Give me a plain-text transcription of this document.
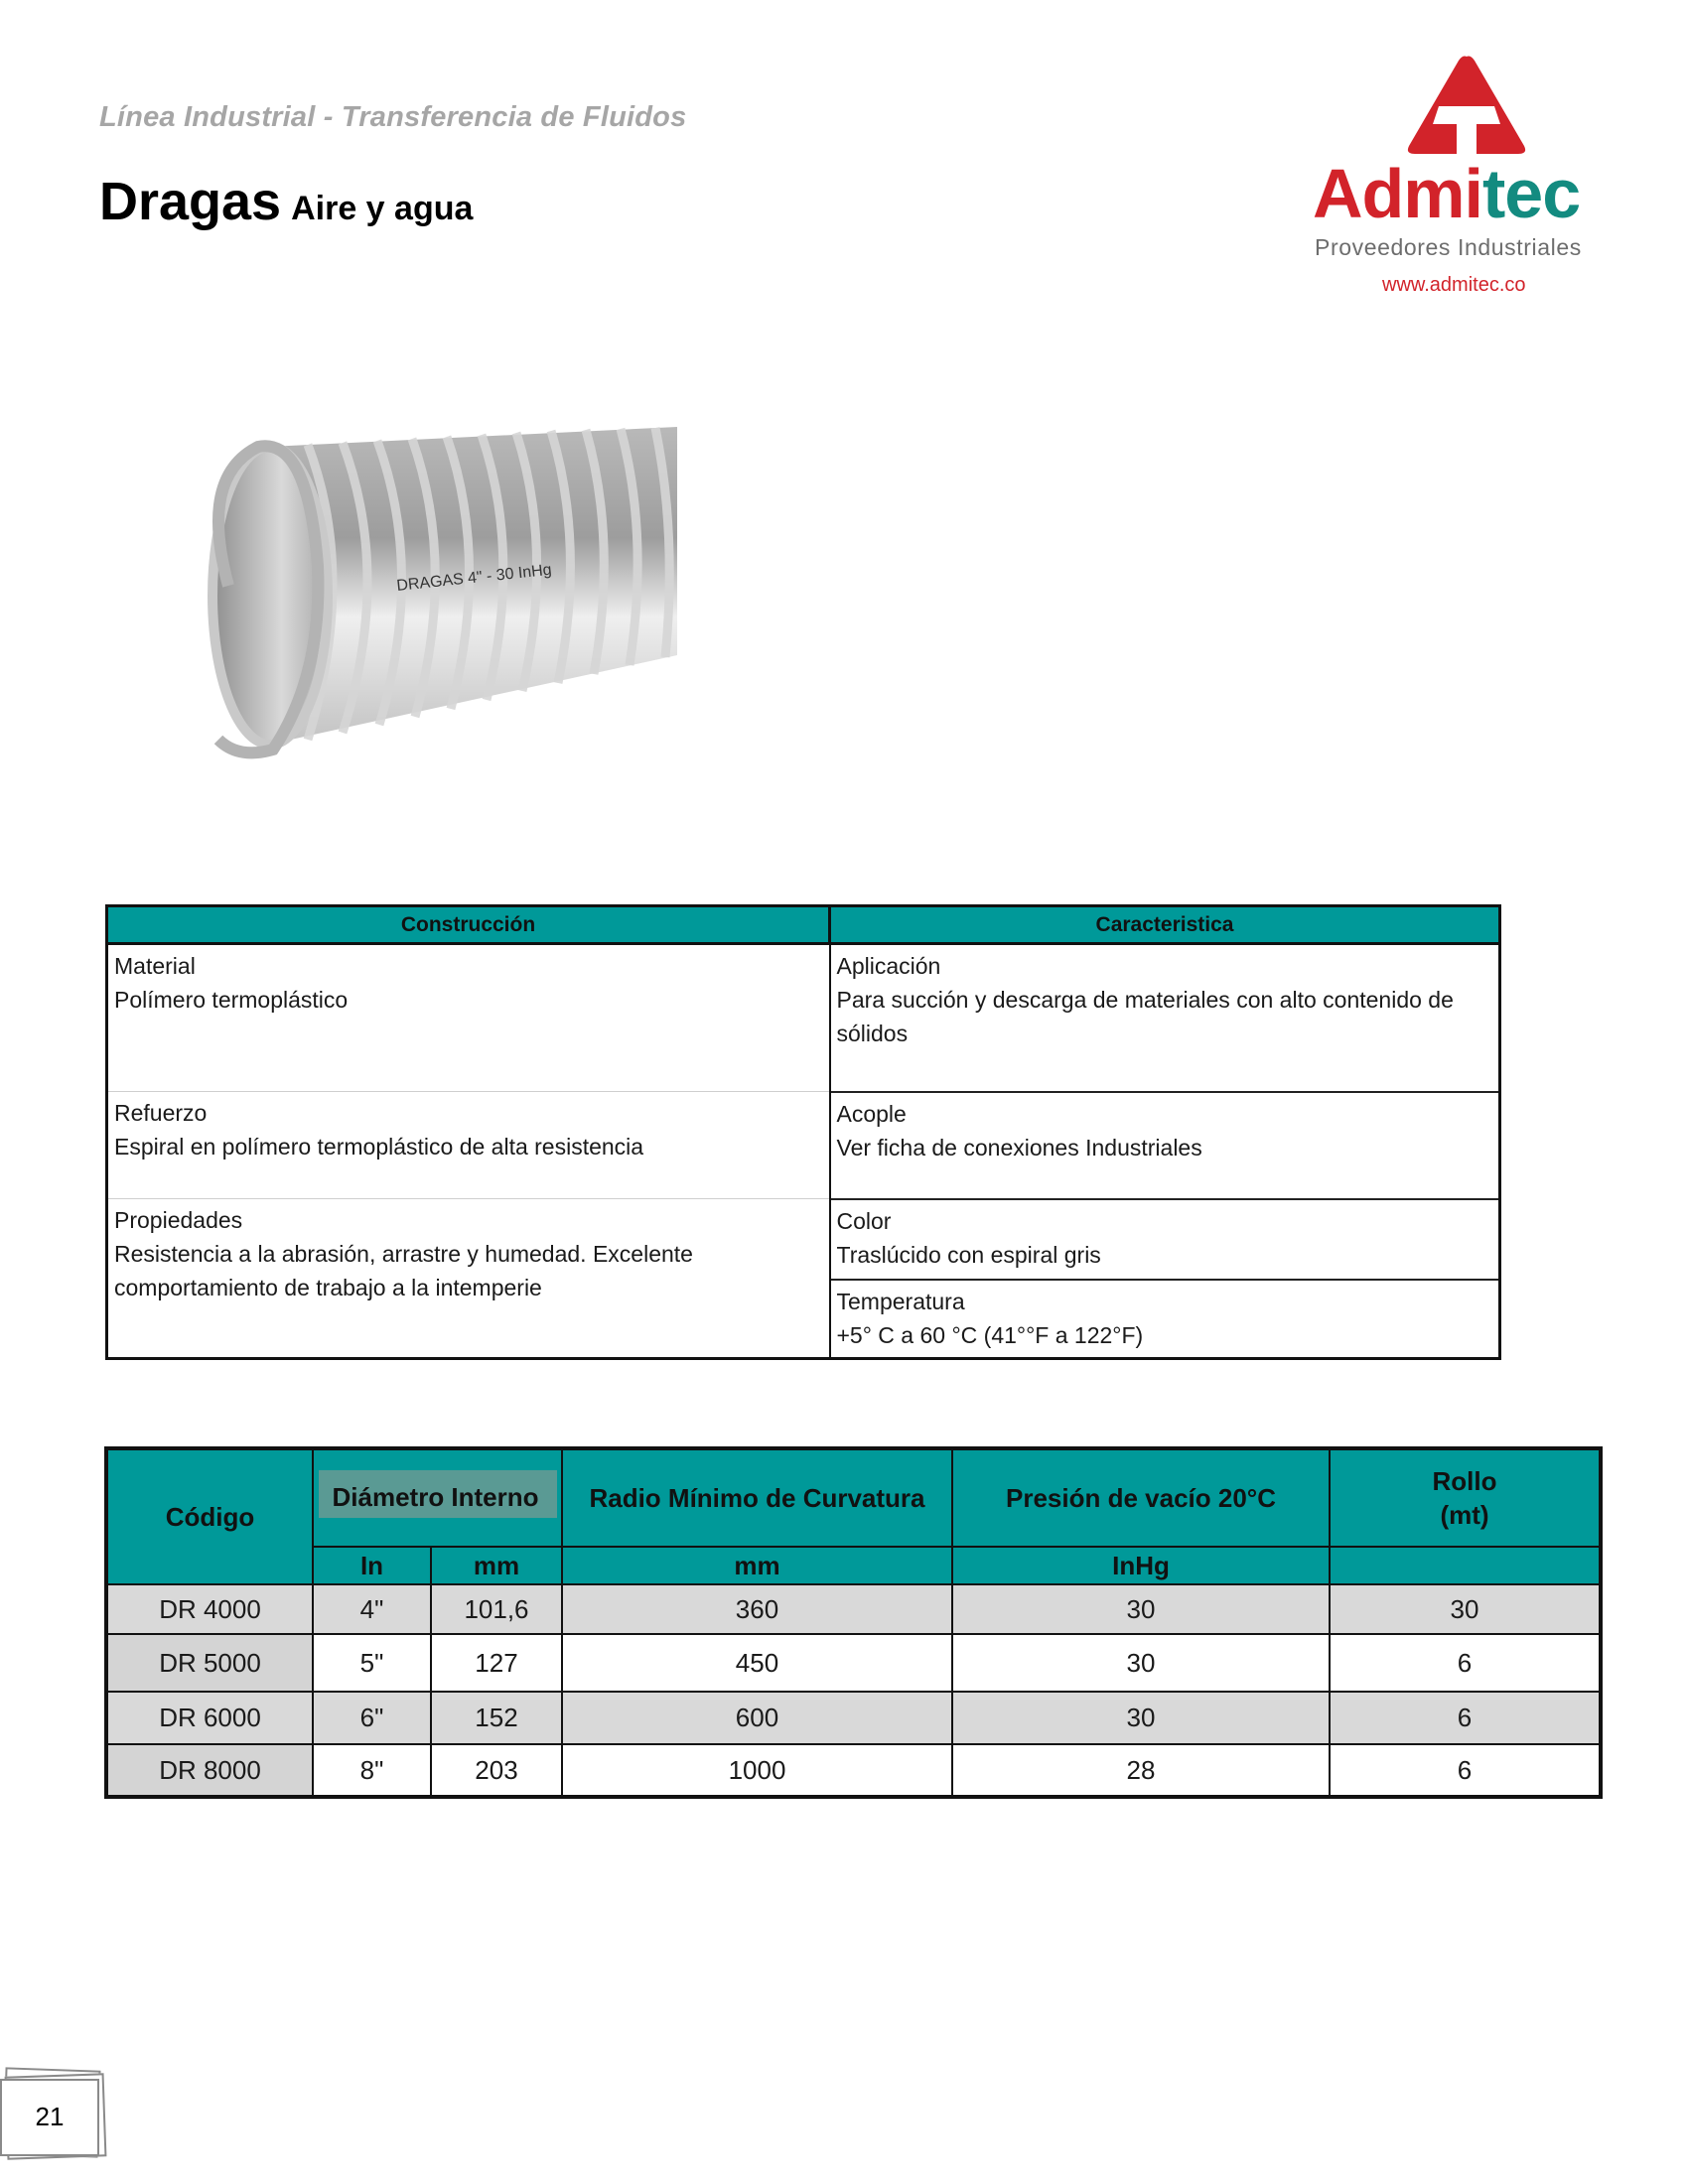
Línea Industrial - Transferencia de Fluidos
Dragas Aire y agua	Admitec
Proveedores Industriales
www.admitec.co
DRAGAS 4" - 30 InHg
Construcción	Caracteristica

Material
Polímero termoplástico

Aplicación
Para succión y descarga de materiales con alto contenido de sólidos

Refuerzo
Espiral en polímero termoplástico de alta resistencia

Acople
Ver ficha de conexiones Industriales

Propiedades
Resistencia a la abrasión, arrastre y humedad. Excelente comportamiento de trabajo a la intemperie

Color
Traslúcido con espiral gris

	Temperatura
+5° C a 60 °C (41°°F a 122°F)
Código	Diámetro Interno		Radio Mínimo de Curvatura	Presión de vacío 20°C	Rollo
(mt)

	In	mm	mm	InHg	
DR 4000	4"	101,6	360	30	30
DR 5000	5"	127	450	30	6
DR 6000	6"	152	600	30	6
DR 8000	8"	203	1000	28	6
21
